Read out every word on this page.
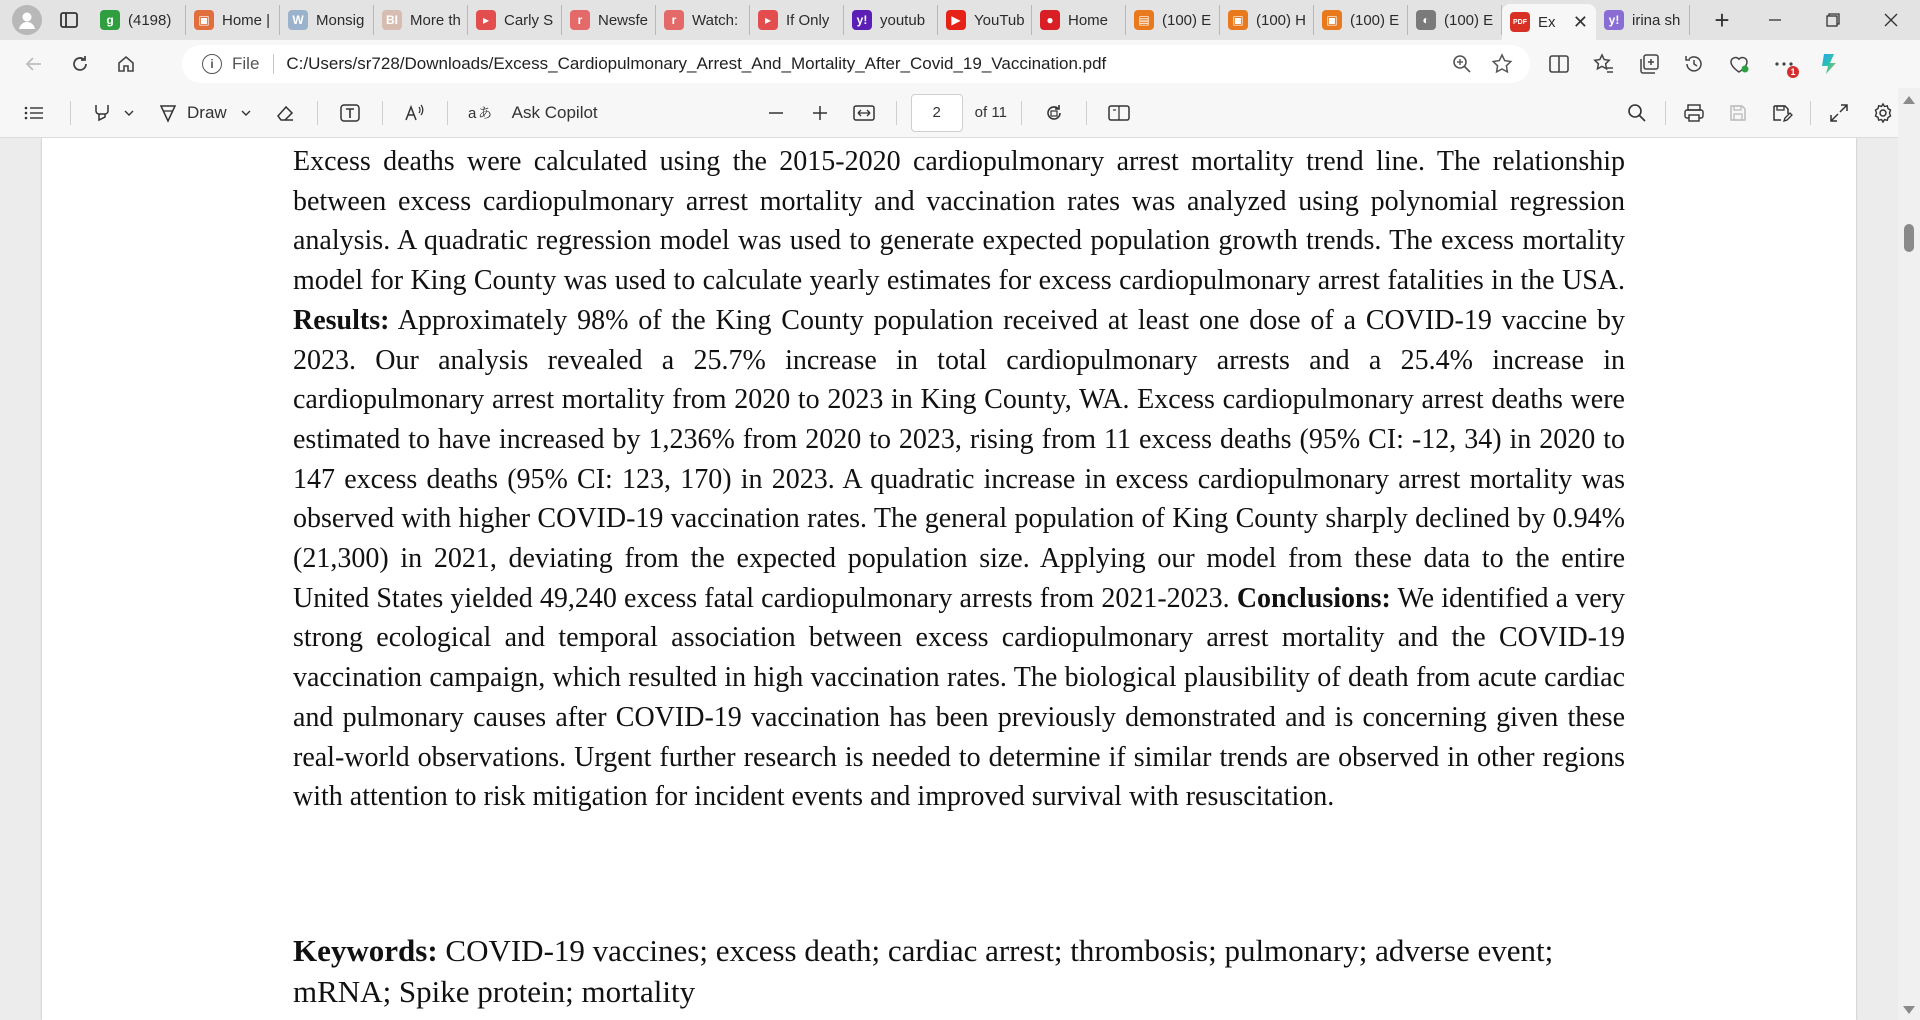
g (4198)	▣ Home |	W Monsig	BI More th	▸ Carly S	r	Newsfe	r	Watch:	▸ If Only	y! youtub	▶ YouTub	● Home	▤ (100) E	▣ (100) H	▣ (100) E	◐ (100) E	PDF Ex ✕	y! irina sh	+
i	File C:/Users/sr728/Downloads/Excess_Cardiopulmonary_Arrest_And_Mortality_After_Covid_19_Vaccination.pdf	1
Draw	a あ Ask Copilot	2	of 11
Excess deaths were calculated using the 2015-2020 cardiopulmonary arrest mortality trend line. The relationship between excess cardiopulmonary arrest mortality and vaccination rates was analyzed using polynomial regression analysis. A quadratic regression model was used to generate expected population growth trends. The excess mortality model for King County was used to calculate yearly estimates for excess cardiopulmonary arrest fatalities in the USA. Results: Approximately 98% of the King County population received at least one dose of a COVID-19 vaccine by 2023. Our analysis revealed a 25.7% increase in total cardiopulmonary arrests and a 25.4% increase in cardiopulmonary arrest mortality from 2020 to 2023 in King County, WA. Excess cardiopulmonary arrest deaths were estimated to have increased by 1,236% from 2020 to 2023, rising from 11 excess deaths (95% CI: -12, 34) in 2020 to 147 excess deaths (95% CI: 123, 170) in 2023. A quadratic increase in excess cardiopulmonary arrest mortality was observed with higher COVID-19 vaccination rates. The general population of King County sharply declined by 0.94% (21,300) in 2021, deviating from the expected population size. Applying our model from these data to the entire United States yielded 49,240 excess fatal cardiopulmonary arrests from 2021-2023. Conclusions: We identified a very strong ecological and temporal association between excess cardiopulmonary arrest mortality and the COVID-19 vaccination campaign, which resulted in high vaccination rates. The biological plausibility of death from acute cardiac and pulmonary causes after COVID-19 vaccination has been previously demonstrated and is concerning given these real-world observations. Urgent further research is needed to determine if similar trends are observed in other regions with attention to risk mitigation for incident events and improved survival with resuscitation.
Keywords: COVID-19 vaccines; excess death; cardiac arrest; thrombosis; pulmonary; adverse event; mRNA; Spike protein; mortality
